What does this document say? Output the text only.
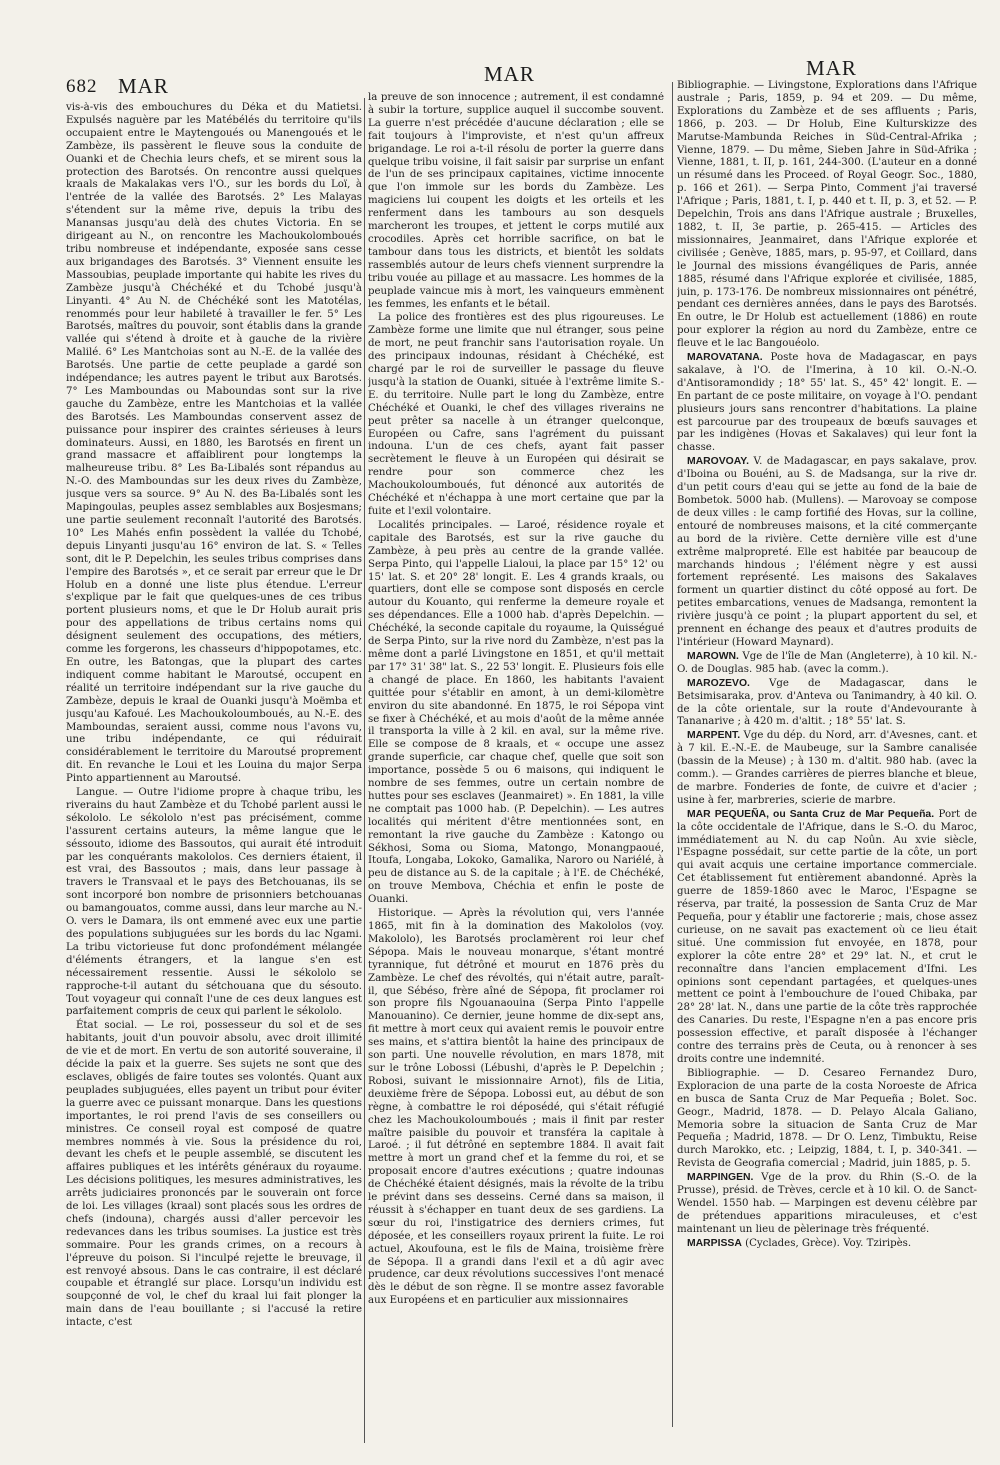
682 MAR	MAR	MAR

vis-à-vis des embouchures du Déka et du Matietsi. Expulsés naguère par les Matébélés du territoire qu'ils occupaient entre le Maytengoués ou Manengoués et le Zambèze, ils passèrent le fleuve sous la conduite de Ouanki et de Chechia leurs chefs, et se mirent sous la protection des Barotsés. On rencontre aussi quelques kraals de Makalakas vers l'O., sur les bords du Loï, à l'entrée de la vallée des Barotsés. 2° Les Malayas s'étendent sur la même rive, depuis la tribu des Manansas jusqu'au delà des chutes Victoria. En se dirigeant au N., on rencontre les Machoukolomboués tribu nombreuse et indépendante, exposée sans cesse aux brigandages des Barotsés. 3° Viennent ensuite les Massoubias, peuplade importante qui habite les rives du Zambèze jusqu'à Chéchéké et du Tchobé jusqu'à Linyanti. 4° Au N. de Chéchéké sont les Matotélas, renommés pour leur habileté à travailler le fer. 5° Les Barotsés, maîtres du pouvoir, sont établis dans la grande vallée qui s'étend à droite et à gauche de la rivière Malilé. 6° Les Mantchoias sont au N.-E. de la vallée des Barotsés. Une partie de cette peuplade a gardé son indépendance; les autres payent le tribut aux Barotsés. 7° Les Mamboundas ou Maboundas sont sur la rive gauche du Zambèze, entre les Mantchoias et la vallée des Barotsés. Les Mamboundas conservent assez de puissance pour inspirer des craintes sérieuses à leurs dominateurs. Aussi, en 1880, les Barotsés en firent un grand massacre et affaiblirent pour longtemps la malheureuse tribu. 8° Les Ba-Libalés sont répandus au N.-O. des Mamboundas sur les deux rives du Zambèze, jusque vers sa source. 9° Au N. des Ba-Libalés sont les Mapingoulas, peuples assez semblables aux Bosjesmans; une partie seulement reconnaît l'autorité des Barotsés. 10° Les Mahés enfin possèdent la vallée du Tchobé, depuis Linyanti jusqu'au 16° environ de lat. S. « Telles sont, dit le P. Depelchin, les seules tribus comprises dans l'empire des Barotsés », et ce serait par erreur que le Dr Holub en a donné une liste plus étendue. L'erreur s'explique par le fait que quelques-unes de ces tribus portent plusieurs noms, et que le Dr Holub aurait pris pour des appellations de tribus certains noms qui désignent seulement des occupations, des métiers, comme les forgerons, les chasseurs d'hippopotames, etc. En outre, les Batongas, que la plupart des cartes indiquent comme habitant le Maroutsé, occupent en réalité un territoire indépendant sur la rive gauche du Zambèze, depuis le kraal de Ouanki jusqu'à Moëmba et jusqu'au Kafoué. Les Machoukoloumboués, au N.-E. des Mamboundas, seraient aussi, comme nous l'avons vu, une tribu indépendante, ce qui réduirait considérablement le territoire du Maroutsé proprement dit. En revanche le Loui et les Louina du major Serpa Pinto appartiennent au Maroutsé.

Langue. — Outre l'idiome propre à chaque tribu, les riverains du haut Zambèze et du Tchobé parlent aussi le sékololo. Le sékololo n'est pas précisément, comme l'assurent certains auteurs, la même langue que le séssouto, idiome des Bassoutos, qui aurait été introduit par les conquérants makololos. Ces derniers étaient, il est vrai, des Bassoutos ; mais, dans leur passage à travers le Transvaal et le pays des Betchouanas, ils se sont incorporé bon nombre de prisonniers betchouanas ou bamangouatos, comme aussi, dans leur marche au N.-O. vers le Damara, ils ont emmené avec eux une partie des populations subjuguées sur les bords du lac Ngami. La tribu victorieuse fut donc profondément mélangée d'éléments étrangers, et la langue s'en est nécessairement ressentie. Aussi le sékololo se rapproche-t-il autant du sétchouana que du sésouto. Tout voyageur qui connaît l'une de ces deux langues est parfaitement compris de ceux qui parlent le sékololo.

État social. — Le roi, possesseur du sol et de ses habitants, jouit d'un pouvoir absolu, avec droit illimité de vie et de mort. En vertu de son autorité souveraine, il décide la paix et la guerre. Ses sujets ne sont que des esclaves, obligés de faire toutes ses volontés. Quant aux peuplades subjuguées, elles payent un tribut pour éviter la guerre avec ce puissant monarque. Dans les questions importantes, le roi prend l'avis de ses conseillers ou ministres. Ce conseil royal est composé de quatre membres nommés à vie. Sous la présidence du roi, devant les chefs et le peuple assemblé, se discutent les affaires publiques et les intérêts généraux du royaume. Les décisions politiques, les mesures administratives, les arrêts judiciaires prononcés par le souverain ont force de loi. Les villages (kraal) sont placés sous les ordres de chefs (indouna), chargés aussi d'aller percevoir les redevances dans les tribus soumises. La justice est très sommaire. Pour les grands crimes, on a recours à l'épreuve du poison. Si l'inculpé rejette le breuvage, il est renvoyé absous. Dans le cas contraire, il est déclaré coupable et étranglé sur place. Lorsqu'un individu est soupçonné de vol, le chef du kraal lui fait plonger la main dans de l'eau bouillante ; si l'accusé la retire intacte, c'est

la preuve de son innocence ; autrement, il est condamné à subir la torture, supplice auquel il succombe souvent. La guerre n'est précédée d'aucune déclaration ; elle se fait toujours à l'improviste, et n'est qu'un affreux brigandage. Le roi a-t-il résolu de porter la guerre dans quelque tribu voisine, il fait saisir par surprise un enfant de l'un de ses principaux capitaines, victime innocente que l'on immole sur les bords du Zambèze. Les magiciens lui coupent les doigts et les orteils et les renferment dans les tambours au son desquels marcheront les troupes, et jettent le corps mutilé aux crocodiles. Après cet horrible sacrifice, on bat le tambour dans tous les districts, et bientôt les soldats rassemblés autour de leurs chefs viennent surprendre la tribu vouée au pillage et au massacre. Les hommes de la peuplade vaincue mis à mort, les vainqueurs emmènent les femmes, les enfants et le bétail.

La police des frontières est des plus rigoureuses. Le Zambèze forme une limite que nul étranger, sous peine de mort, ne peut franchir sans l'autorisation royale. Un des principaux indounas, résidant à Chéchéké, est chargé par le roi de surveiller le passage du fleuve jusqu'à la station de Ouanki, située à l'extrême limite S.-E. du territoire. Nulle part le long du Zambèze, entre Chéchéké et Ouanki, le chef des villages riverains ne peut prêter sa nacelle à un étranger quelconque, Européen ou Cafre, sans l'agrément du puissant indouna. L'un de ces chefs, ayant fait passer secrètement le fleuve à un Européen qui désirait se rendre pour son commerce chez les Machoukoloumboués, fut dénoncé aux autorités de Chéchéké et n'échappa à une mort certaine que par la fuite et l'exil volontaire.

Localités principales. — Laroé, résidence royale et capitale des Barotsés, est sur la rive gauche du Zambèze, à peu près au centre de la grande vallée. Serpa Pinto, qui l'appelle Lialoui, la place par 15° 12' ou 15' lat. S. et 20° 28' longit. E. Les 4 grands kraals, ou quartiers, dont elle se compose sont disposés en cercle autour du Kouanto, qui renferme la demeure royale et ses dépendances. Elle a 1000 hab. d'après Depelchin. — Chéchéké, la seconde capitale du royaume, la Quisségué de Serpa Pinto, sur la rive nord du Zambèze, n'est pas la même dont a parlé Livingstone en 1851, et qu'il mettait par 17° 31' 38" lat. S., 22 53' longit. E. Plusieurs fois elle a changé de place. En 1860, les habitants l'avaient quittée pour s'établir en amont, à un demi-kilomètre environ du site abandonné. En 1875, le roi Sépopa vint se fixer à Chéchéké, et au mois d'août de la même année il transporta la ville à 2 kil. en aval, sur la même rive. Elle se compose de 8 kraals, et « occupe une assez grande superficie, car chaque chef, quelle que soit son importance, possède 5 ou 6 maisons, qui indiquent le nombre de ses femmes, outre un certain nombre de huttes pour ses esclaves (Jeanmairet) ». En 1881, la ville ne comptait pas 1000 hab. (P. Depelchin). — Les autres localités qui méritent d'être mentionnées sont, en remontant la rive gauche du Zambèze : Katongo ou Sékhosi, Soma ou Sioma, Matongo, Monangpaoué, Itoufa, Longaba, Lokoko, Gamalika, Naroro ou Nariélé, à peu de distance au S. de la capitale ; à l'E. de Chéchéké, on trouve Membova, Chéchia et enfin le poste de Ouanki.

Historique. — Après la révolution qui, vers l'année 1865, mit fin à la domination des Makololos (voy. Makololo), les Barotsés proclamèrent roi leur chef Sépopa. Mais le nouveau monarque, s'étant montré tyrannique, fut détrôné et mourut en 1876 près du Zambèze. Le chef des révoltés, qui n'était autre, paraît-il, que Sébéso, frère aîné de Sépopa, fit proclamer roi son propre fils Ngouanaouina (Serpa Pinto l'appelle Manouanino). Ce dernier, jeune homme de dix-sept ans, fit mettre à mort ceux qui avaient remis le pouvoir entre ses mains, et s'attira bientôt la haine des principaux de son parti. Une nouvelle révolution, en mars 1878, mit sur le trône Lobossi (Lébushi, d'après le P. Depelchin ; Robosi, suivant le missionnaire Arnot), fils de Litia, deuxième frère de Sépopa. Lobossi eut, au début de son règne, à combattre le roi déposédé, qui s'était réfugié chez les Machoukoloumboués ; mais il finit par rester maître paisible du pouvoir et transféra la capitale à Laroé. ; il fut détrôné en septembre 1884. Il avait fait mettre à mort un grand chef et la femme du roi, et se proposait encore d'autres exécutions ; quatre indounas de Chéchéké étaient désignés, mais la révolte de la tribu le prévint dans ses desseins. Cerné dans sa maison, il réussit à s'échapper en tuant deux de ses gardiens. La sœur du roi, l'instigatrice des derniers crimes, fut déposée, et les conseillers royaux prirent la fuite. Le roi actuel, Akoufouna, est le fils de Maina, troisième frère de Sépopa. Il a grandi dans l'exil et a dû agir avec prudence, car deux révolutions successives l'ont menacé dès le début de son règne. Il se montre assez favorable aux Européens et en particulier aux missionnaires

Bibliographie. — Livingstone, Explorations dans l'Afrique australe ; Paris, 1859, p. 94 et 209. — Du même, Explorations du Zambèze et de ses affluents ; Paris, 1866, p. 203. — Dr Holub, Eine Kulturskizze des Marutse-Mambunda Reiches in Süd-Central-Afrika ; Vienne, 1879. — Du même, Sieben Jahre in Süd-Afrika ; Vienne, 1881, t. II, p. 161, 244-300. (L'auteur en a donné un résumé dans les Proceed. of Royal Geogr. Soc., 1880, p. 166 et 261). — Serpa Pinto, Comment j'ai traversé l'Afrique ; Paris, 1881, t. I, p. 440 et t. II, p. 3, et 52. — P. Depelchin, Trois ans dans l'Afrique australe ; Bruxelles, 1882, t. II, 3e partie, p. 265-415. — Articles des missionnaires, Jeanmairet, dans l'Afrique explorée et civilisée ; Genève, 1885, mars, p. 95-97, et Coillard, dans le Journal des missions évangéliques de Paris, année 1885, résumé dans l'Afrique explorée et civilisée, 1885, juin, p. 173-176. De nombreux missionnaires ont pénétré, pendant ces dernières années, dans le pays des Barotsés. En outre, le Dr Holub est actuellement (1886) en route pour explorer la région au nord du Zambèze, entre ce fleuve et le lac Bangouéolo.

MAROVATANA. Poste hova de Madagascar, en pays sakalave, à l'O. de l'Imerina, à 10 kil. O.-N.-O. d'Antisoramondidy ; 18° 55' lat. S., 45° 42' longit. E. — En partant de ce poste militaire, on voyage à l'O. pendant plusieurs jours sans rencontrer d'habitations. La plaine est parcourue par des troupeaux de bœufs sauvages et par les indigènes (Hovas et Sakalaves) qui leur font la chasse.

MAROVOAY. V. de Madagascar, en pays sakalave, prov. d'Iboina ou Bouéni, au S. de Madsanga, sur la rive dr. d'un petit cours d'eau qui se jette au fond de la baie de Bombetok. 5000 hab. (Mullens). — Marovoay se compose de deux villes : le camp fortifié des Hovas, sur la colline, entouré de nombreuses maisons, et la cité commerçante au bord de la rivière. Cette dernière ville est d'une extrême malpropreté. Elle est habitée par beaucoup de marchands hindous ; l'élément nègre y est aussi fortement représenté. Les maisons des Sakalaves forment un quartier distinct du côté opposé au fort. De petites embarcations, venues de Madsanga, remontent la rivière jusqu'à ce point ; la plupart apportent du sel, et prennent en échange des peaux et d'autres produits de l'intérieur (Howard Maynard).

MAROWN. Vge de l'île de Man (Angleterre), à 10 kil. N.-O. de Douglas. 985 hab. (avec la comm.).

MAROZEVO. Vge de Madagascar, dans le Betsimisaraka, prov. d'Anteva ou Tanimandry, à 40 kil. O. de la côte orientale, sur la route d'Andevourante à Tananarive ; à 420 m. d'altit. ; 18° 55' lat. S.

MARPENT. Vge du dép. du Nord, arr. d'Avesnes, cant. et à 7 kil. E.-N.-E. de Maubeuge, sur la Sambre canalisée (bassin de la Meuse) ; à 130 m. d'altit. 980 hab. (avec la comm.). — Grandes carrières de pierres blanche et bleue, de marbre. Fonderies de fonte, de cuivre et d'acier ; usine à fer, marbreries, scierie de marbre.

MAR PEQUEÑA, ou Santa Cruz de Mar Pequeña. Port de la côte occidentale de l'Afrique, dans le S.-O. du Maroc, immédiatement au N. du cap Noûn. Au xvie siècle, l'Espagne possédait, sur cette partie de la côte, un port qui avait acquis une certaine importance commerciale. Cet établissement fut entièrement abandonné. Après la guerre de 1859-1860 avec le Maroc, l'Espagne se réserva, par traité, la possession de Santa Cruz de Mar Pequeña, pour y établir une factorerie ; mais, chose assez curieuse, on ne savait pas exactement où ce lieu était situé. Une commission fut envoyée, en 1878, pour explorer la côte entre 28° et 29° lat. N., et crut le reconnaître dans l'ancien emplacement d'Ifni. Les opinions sont cependant partagées, et quelques-unes mettent ce point à l'embouchure de l'oued Chibaka, par 28° 28' lat. N., dans une partie de la côte très rapprochée des Canaries. Du reste, l'Espagne n'en a pas encore pris possession effective, et paraît disposée à l'échanger contre des terrains près de Ceuta, ou à renoncer à ses droits contre une indemnité.

Bibliographie. — D. Cesareo Fernandez Duro, Exploracion de una parte de la costa Noroeste de Africa en busca de Santa Cruz de Mar Pequeña ; Bolet. Soc. Geogr., Madrid, 1878. — D. Pelayo Alcala Galiano, Memoria sobre la situacion de Santa Cruz de Mar Pequeña ; Madrid, 1878. — Dr O. Lenz, Timbuktu, Reise durch Marokko, etc. ; Leipzig, 1884, t. I, p. 340-341. — Revista de Geografia comercial ; Madrid, juin 1885, p. 5.

MARPINGEN. Vge de la prov. du Rhin (S.-O. de la Prusse), présid. de Trèves, cercle et à 10 kil. O. de Sanct-Wendel. 1550 hab. — Marpingen est devenu célèbre par de prétendues apparitions miraculeuses, et c'est maintenant un lieu de pèlerinage très fréquenté.

MARPISSA (Cyclades, Grèce). Voy. Tziripès.
